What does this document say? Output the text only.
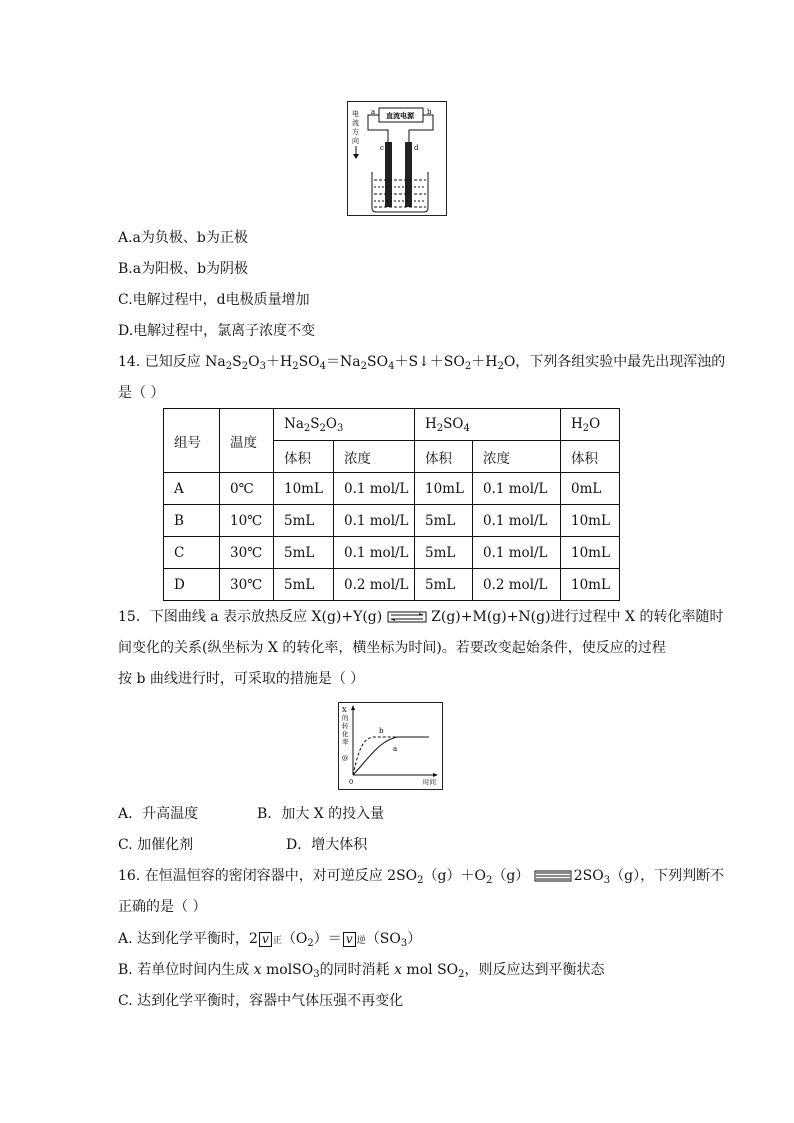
电
流
方
向
直流电源
a	b
c	d
A.a为负极、b为正极
B.a为阳极、b为阴极
C.电解过程中，d电极质量增加
D.电解过程中，氯离子浓度不变
14. 已知反应 $Na_2S_2O_3+H_2SO_4=Na_2SO_4+S↓+SO_2+H_2O$，下列各组实验中最先出现浑浊的
是（ ）
组号	温度	$Na_2S_2O_3$		$H_2SO_4$		$H_2O$
		体积	浓度	体积	浓度	体积
A	0℃	10mL	0.1 mol/L	10mL	0.1 mol/L	0mL
B	10℃	5mL	0.1 mol/L	5mL	0.1 mol/L	10mL
C	30℃	5mL	0.1 mol/L	5mL	0.1 mol/L	10mL
D	30℃	5mL	0.2 mol/L	5mL	0.2 mol/L	10mL
15．下图曲线 a 表示放热反应 X(g)+Y(g)	Z(g)+M(g)+N(g)进行过程中 X 的转化率随时
间变化的关系(纵坐标为 X 的转化率，横坐标为时间)。若要改变起始条件，使反应的过程
按 b 曲线进行时，可采取的措施是（ ）
X
的
转
化
率
@
0	时间
b
a
A．升高温度	B．加大 X 的投入量
C. 加催化剂	D．增大体积
16. 在恒温恒容的密闭容器中，对可逆反应 $2SO_2(g)+O_2(g)$	$2SO_3(g)$，下列判断不
正确的是（ ）
A. 达到化学平衡时，2 v 正$(O_2)= v$ 逆$(SO_3)$
B. 若单位时间内生成 x molSO$_3$的同时消耗 x mol $SO_2$，则反应达到平衡状态
C. 达到化学平衡时，容器中气体压强不再变化
